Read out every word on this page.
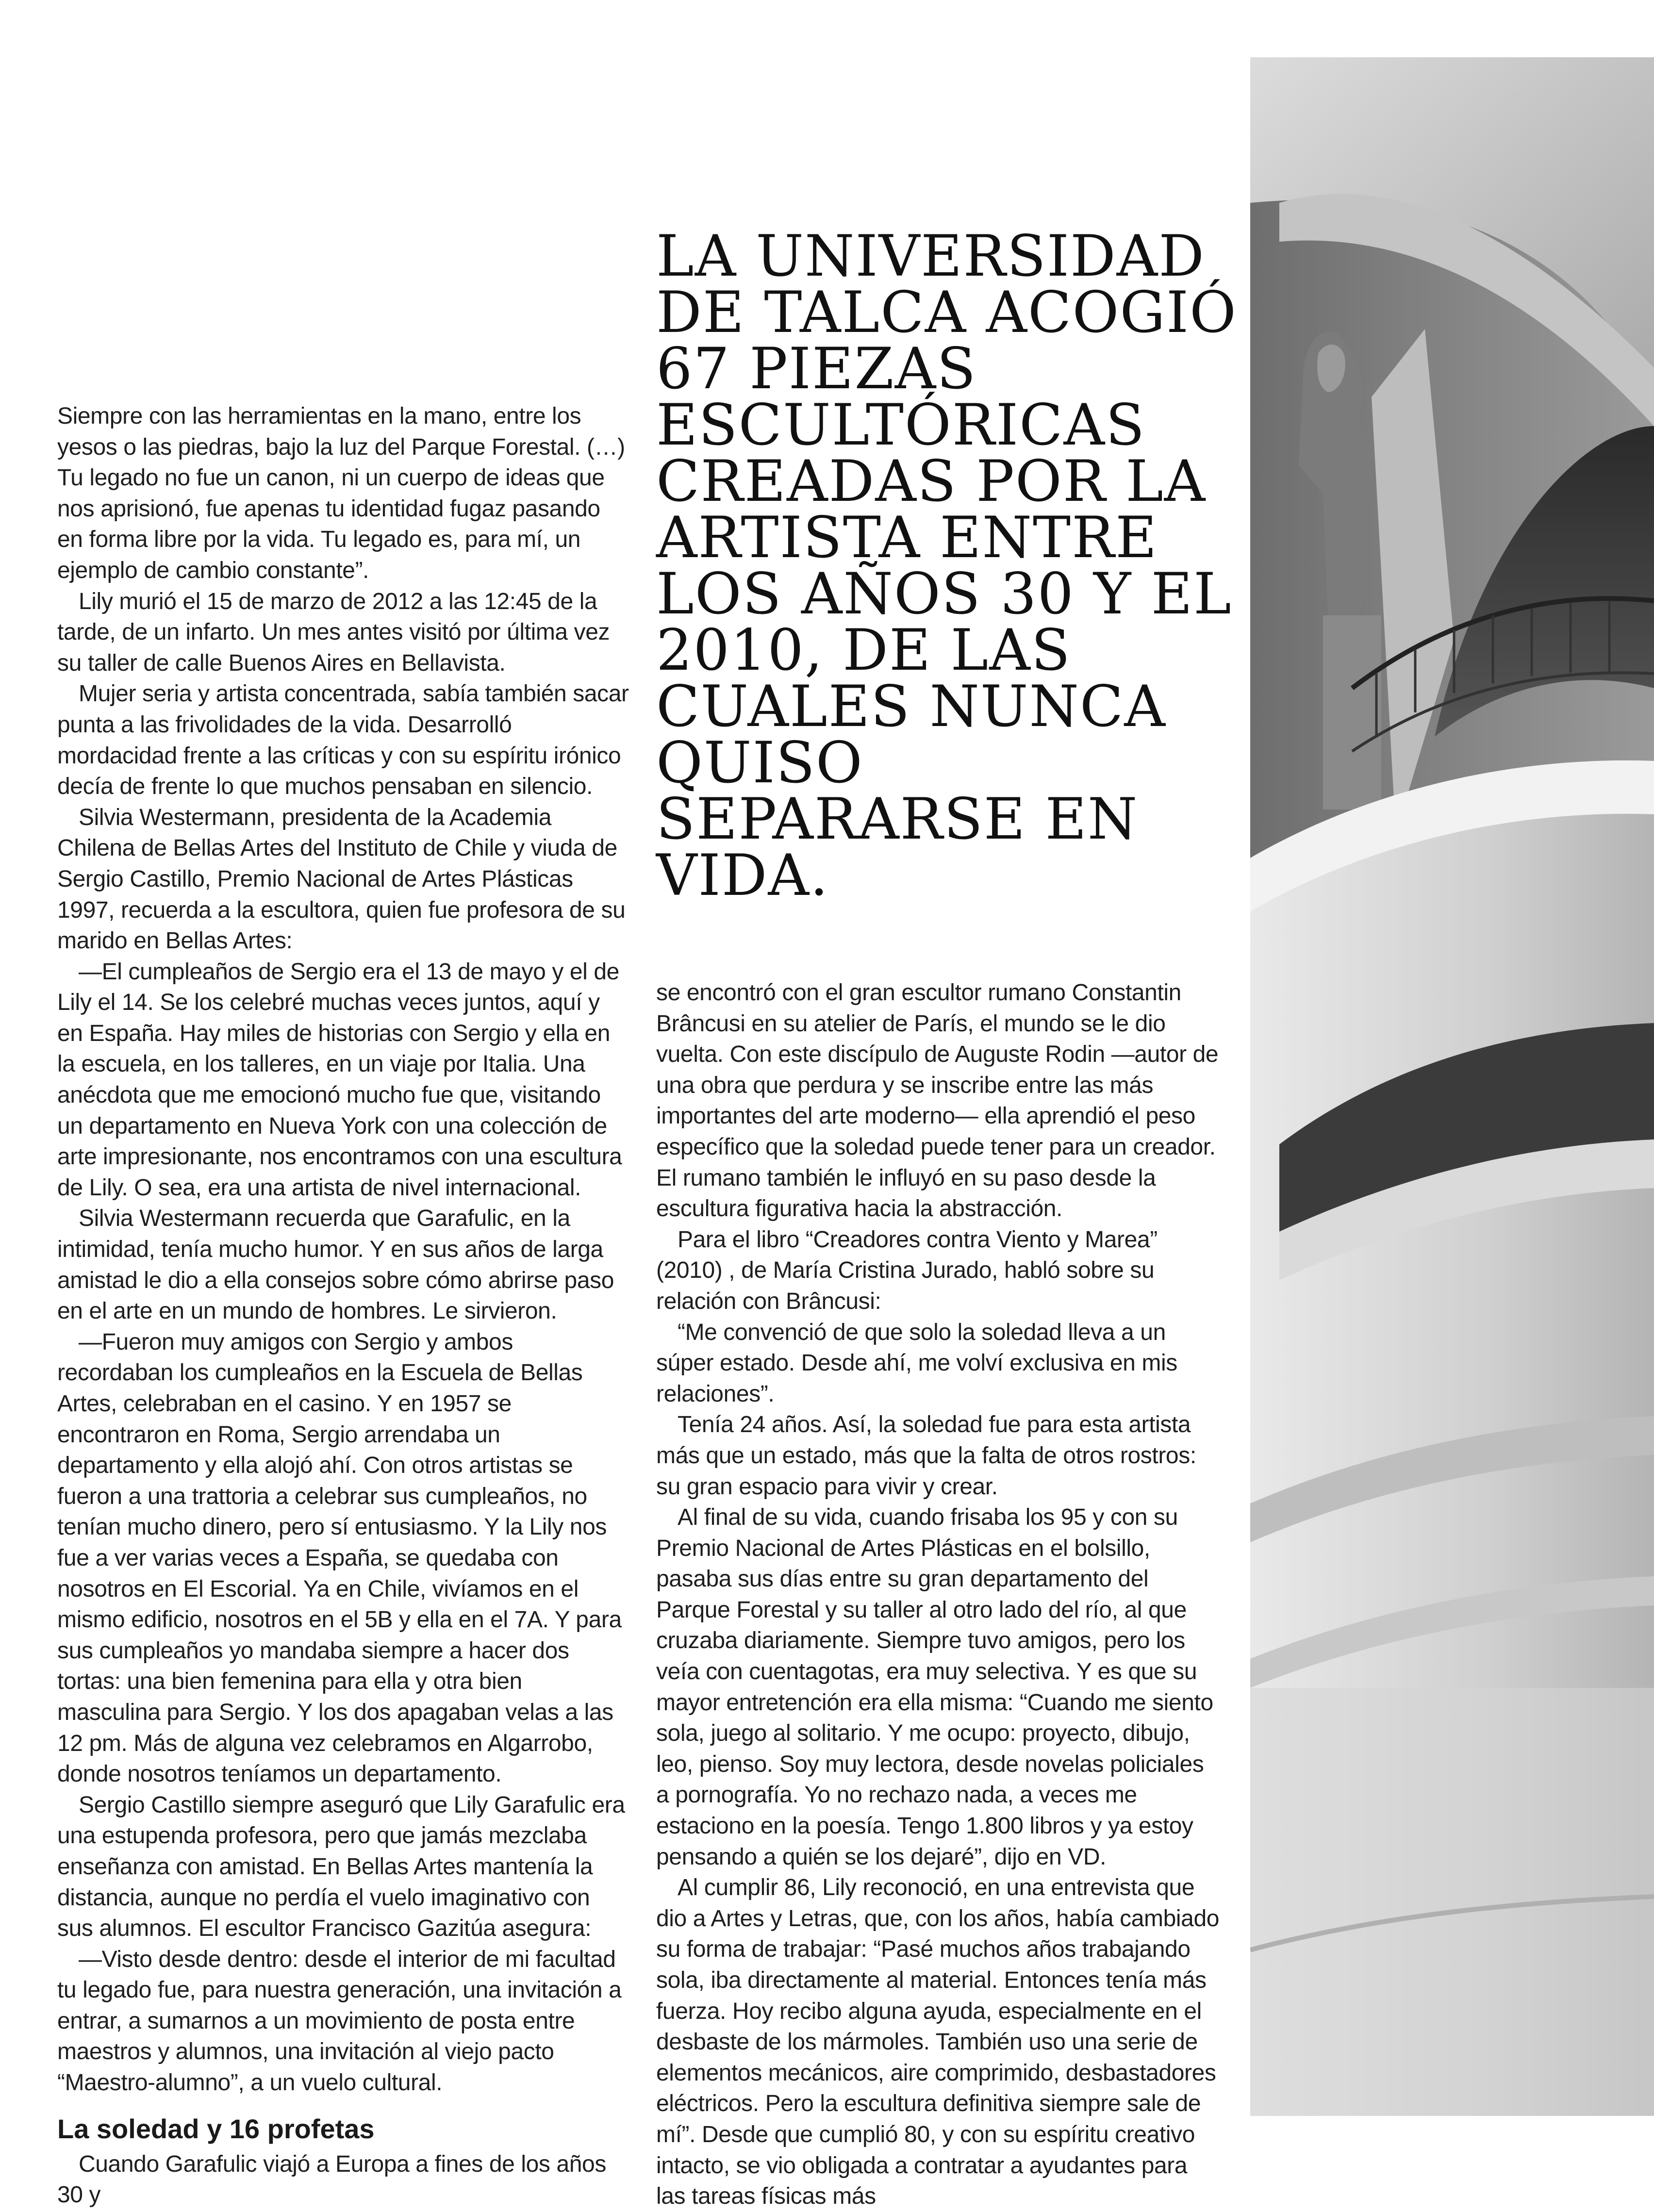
LA UNIVERSIDAD DE TALCA ACOGIÓ 67 PIEZAS ESCULTÓRICAS CREADAS POR LA ARTISTA ENTRE LOS AÑOS 30 Y EL 2010, DE LAS CUALES NUNCA QUISO SEPARARSE EN VIDA.

Siempre con las herramientas en la mano, entre los yesos o las piedras, bajo la luz del Parque Forestal. (…) Tu legado no fue un canon, ni un cuerpo de ideas que nos aprisionó, fue apenas tu identidad fugaz pasando en forma libre por la vida. Tu legado es, para mí, un ejemplo de cambio constante”.

Lily murió el 15 de marzo de 2012 a las 12:45 de la tarde, de un infarto. Un mes antes visitó por última vez su taller de calle Buenos Aires en Bellavista.

Mujer seria y artista concentrada, sabía también sacar punta a las frivolidades de la vida. Desarrolló mordacidad frente a las críticas y con su espíritu irónico decía de frente lo que muchos pensaban en silencio.

Silvia Westermann, presidenta de la Academia Chilena de Bellas Artes del Instituto de Chile y viuda de Sergio Castillo, Premio Nacional de Artes Plásticas 1997, recuerda a la escultora, quien fue profesora de su marido en Bellas Artes:

—El cumpleaños de Sergio era el 13 de mayo y el de Lily el 14. Se los celebré muchas veces juntos, aquí y en España. Hay miles de historias con Sergio y ella en la escuela, en los talleres, en un viaje por Italia. Una anécdota que me emocionó mucho fue que, visitando un departamento en Nueva York con una colección de arte impresionante, nos encontramos con una escultura de Lily. O sea, era una artista de nivel internacional.

Silvia Westermann recuerda que Garafulic, en la intimidad, tenía mucho humor. Y en sus años de larga amistad le dio a ella consejos sobre cómo abrirse paso en el arte en un mundo de hombres. Le sirvieron.

—Fueron muy amigos con Sergio y ambos recordaban los cumpleaños en la Escuela de Bellas Artes, celebraban en el casino. Y en 1957 se encontraron en Roma, Sergio arrendaba un departamento y ella alojó ahí. Con otros artistas se fueron a una trattoria a celebrar sus cumpleaños, no tenían mucho dinero, pero sí entusiasmo. Y la Lily nos fue a ver varias veces a España, se quedaba con nosotros en El Escorial. Ya en Chile, vivíamos en el mismo edificio, nosotros en el 5B y ella en el 7A. Y para sus cumpleaños yo mandaba siempre a hacer dos tortas: una bien femenina para ella y otra bien masculina para Sergio. Y los dos apagaban velas a las 12 pm. Más de alguna vez celebramos en Algarrobo, donde nosotros teníamos un departamento.

Sergio Castillo siempre aseguró que Lily Garafulic era una estupenda profesora, pero que jamás mezclaba enseñanza con amistad. En Bellas Artes mantenía la distancia, aunque no perdía el vuelo imaginativo con sus alumnos. El escultor Francisco Gazitúa asegura:

—Visto desde dentro: desde el interior de mi facultad tu legado fue, para nuestra generación, una invitación a entrar, a sumarnos a un movimiento de posta entre maestros y alumnos, una invitación al viejo pacto “Maestro-alumno”, a un vuelo cultural.

La soledad y 16 profetas

Cuando Garafulic viajó a Europa a fines de los años 30 y

se encontró con el gran escultor rumano Constantin Brâncusi en su atelier de París, el mundo se le dio vuelta. Con este discípulo de Auguste Rodin —autor de una obra que perdura y se inscribe entre las más importantes del arte moderno— ella aprendió el peso específico que la soledad puede tener para un creador. El rumano también le influyó en su paso desde la escultura figurativa hacia la abstracción.

Para el libro “Creadores contra Viento y Marea” (2010) , de María Cristina Jurado, habló sobre su relación con Brâncusi:

“Me convenció de que solo la soledad lleva a un súper estado. Desde ahí, me volví exclusiva en mis relaciones”.

Tenía 24 años. Así, la soledad fue para esta artista más que un estado, más que la falta de otros rostros: su gran espacio para vivir y crear.

Al final de su vida, cuando frisaba los 95 y con su Premio Nacional de Artes Plásticas en el bolsillo, pasaba sus días entre su gran departamento del Parque Forestal y su taller al otro lado del río, al que cruzaba diariamente. Siempre tuvo amigos, pero los veía con cuentagotas, era muy selectiva. Y es que su mayor entretención era ella misma: “Cuando me siento sola, juego al solitario. Y me ocupo: proyecto, dibujo, leo, pienso. Soy muy lectora, desde novelas policiales a pornografía. Yo no rechazo nada, a veces me estaciono en la poesía. Tengo 1.800 libros y ya estoy pensando a quién se los dejaré”, dijo en VD.

Al cumplir 86, Lily reconoció, en una entrevista que dio a Artes y Letras, que, con los años, había cambiado su forma de trabajar: “Pasé muchos años trabajando sola, iba directamente al material. Entonces tenía más fuerza. Hoy recibo alguna ayuda, especialmente en el desbaste de los mármoles. También uso una serie de elementos mecánicos, aire comprimido, desbastadores eléctricos. Pero la escultura definitiva siempre sale de mí”. Desde que cumplió 80, y con su espíritu creativo intacto, se vio obligada a contratar a ayudantes para las tareas físicas más
